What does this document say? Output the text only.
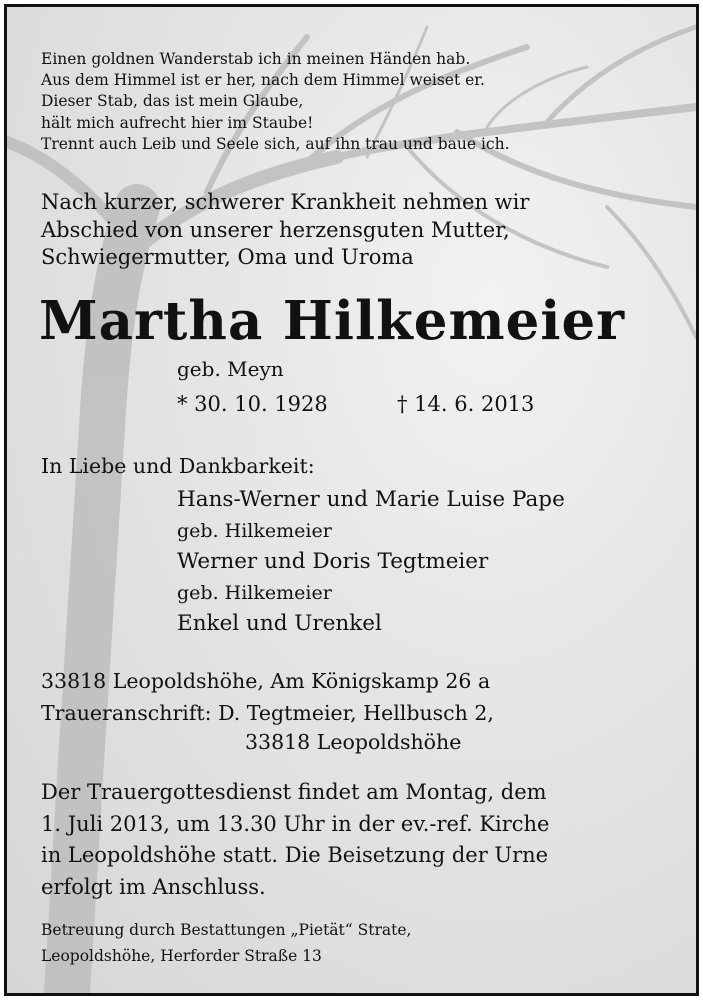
Einen goldnen Wanderstab ich in meinen Händen hab.
Aus dem Himmel ist er her, nach dem Himmel weiset er.
Dieser Stab, das ist mein Glaube,
hält mich aufrecht hier im Staube!
Trennt auch Leib und Seele sich, auf ihn trau und baue ich.
Nach kurzer, schwerer Krankheit nehmen wir
Abschied von unserer herzensguten Mutter,
Schwiegermutter, Oma und Uroma
Martha Hilkemeier
geb. Meyn
* 30. 10. 1928	† 14. 6. 2013
In Liebe und Dankbarkeit:
Hans-Werner und Marie Luise Pape
geb. Hilkemeier
Werner und Doris Tegtmeier
geb. Hilkemeier
Enkel und Urenkel
33818 Leopoldshöhe, Am Königskamp 26 a
Traueranschrift: D. Tegtmeier, Hellbusch 2,
33818 Leopoldshöhe
Der Trauergottesdienst findet am Montag, dem
1. Juli 2013, um 13.30 Uhr in der ev.-ref. Kirche
in Leopoldshöhe statt. Die Beisetzung der Urne
erfolgt im Anschluss.
Betreuung durch Bestattungen „Pietät“ Strate,
Leopoldshöhe, Herforder Straße 13
